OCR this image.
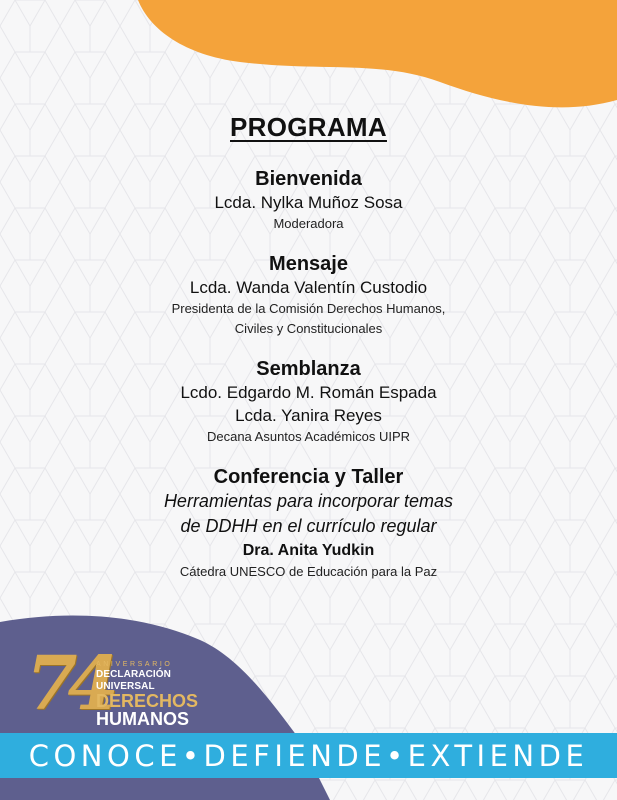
PROGRAMA
Bienvenida
Lcda. Nylka Muñoz Sosa
Moderadora
Mensaje
Lcda. Wanda Valentín Custodio
Presidenta de la Comisión Derechos Humanos,
Civiles y Constitucionales
Semblanza
Lcdo. Edgardo M. Román Espada
Lcda. Yanira Reyes
Decana Asuntos Académicos UIPR
Conferencia y Taller
Herramientas para incorporar temas
de DDHH en el currículo regular
Dra. Anita Yudkin
Cátedra UNESCO de Educación para la Paz
74
ANIVERSARIO
DECLARACIÓN UNIVERSAL
DERECHOS
HUMANOS
CONOCE•DEFIENDE•EXTIENDE
